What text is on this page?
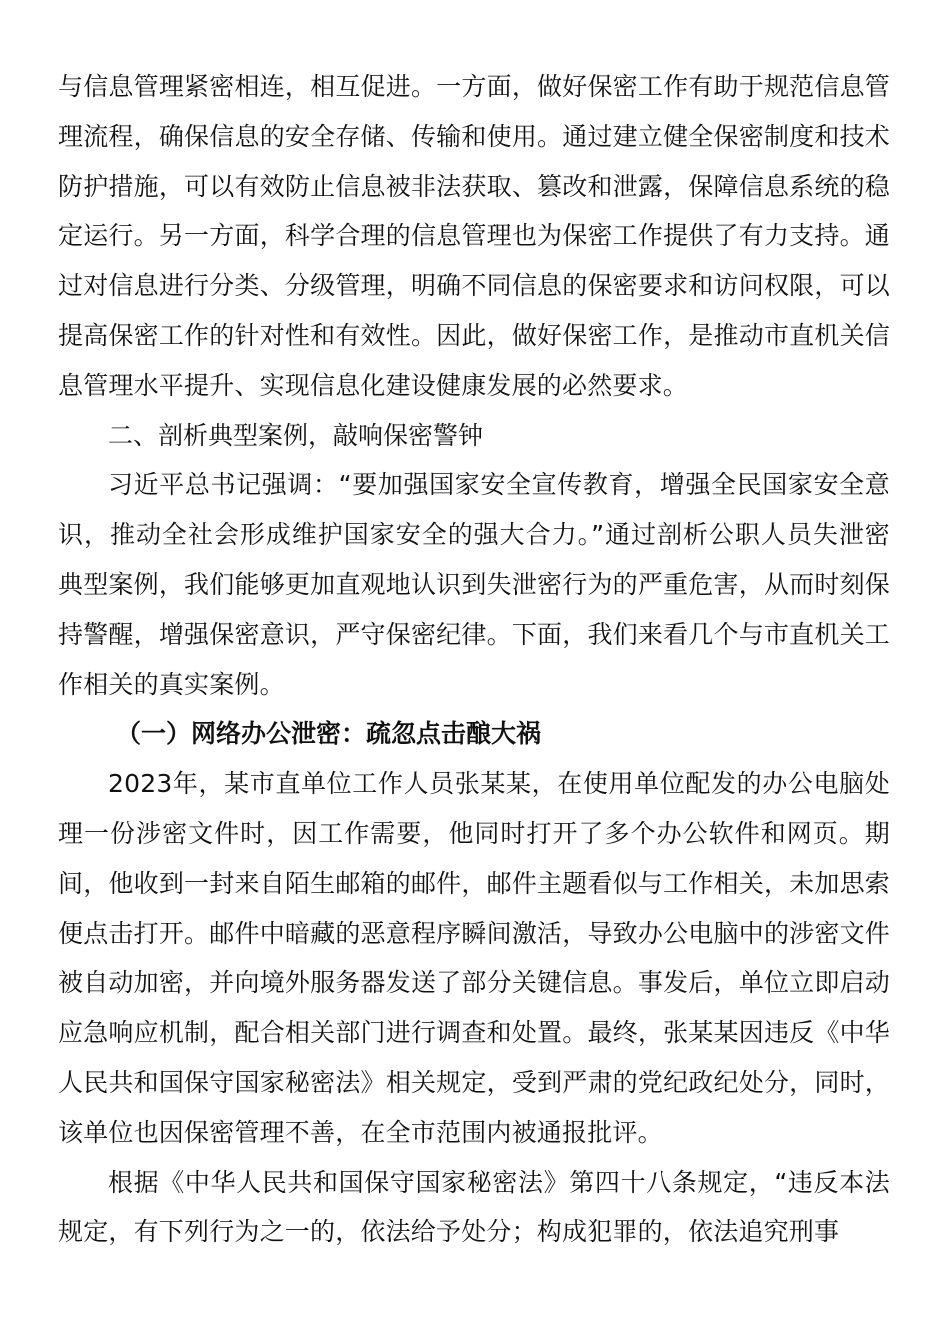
与信息管理紧密相连，相互促进。一方面，做好保密工作有助于规范信息管理流程，确保信息的安全存储、传输和使用。通过建立健全保密制度和技术防护措施，可以有效防止信息被非法获取、篡改和泄露，保障信息系统的稳定运行。另一方面，科学合理的信息管理也为保密工作提供了有力支持。通过对信息进行分类、分级管理，明确不同信息的保密要求和访问权限，可以提高保密工作的针对性和有效性。因此，做好保密工作，是推动市直机关信息管理水平提升、实现信息化建设健康发展的必然要求。

二、剖析典型案例，敲响保密警钟

习近平总书记强调：“要加强国家安全宣传教育，增强全民国家安全意识，推动全社会形成维护国家安全的强大合力。”通过剖析公职人员失泄密典型案例，我们能够更加直观地认识到失泄密行为的严重危害，从而时刻保持警醒，增强保密意识，严守保密纪律。下面，我们来看几个与市直机关工作相关的真实案例。

（一）网络办公泄密：疏忽点击酿大祸

2023年，某市直单位工作人员张某某，在使用单位配发的办公电脑处理一份涉密文件时，因工作需要，他同时打开了多个办公软件和网页。期间，他收到一封来自陌生邮箱的邮件，邮件主题看似与工作相关，未加思索便点击打开。邮件中暗藏的恶意程序瞬间激活，导致办公电脑中的涉密文件被自动加密，并向境外服务器发送了部分关键信息。事发后，单位立即启动应急响应机制，配合相关部门进行调查和处置。最终，张某某因违反《中华人民共和国保守国家秘密法》相关规定，受到严肃的党纪政纪处分，同时，该单位也因保密管理不善，在全市范围内被通报批评。

根据《中华人民共和国保守国家秘密法》第四十八条规定，“违反本法规定，有下列行为之一的，依法给予处分；构成犯罪的，依法追究刑事
